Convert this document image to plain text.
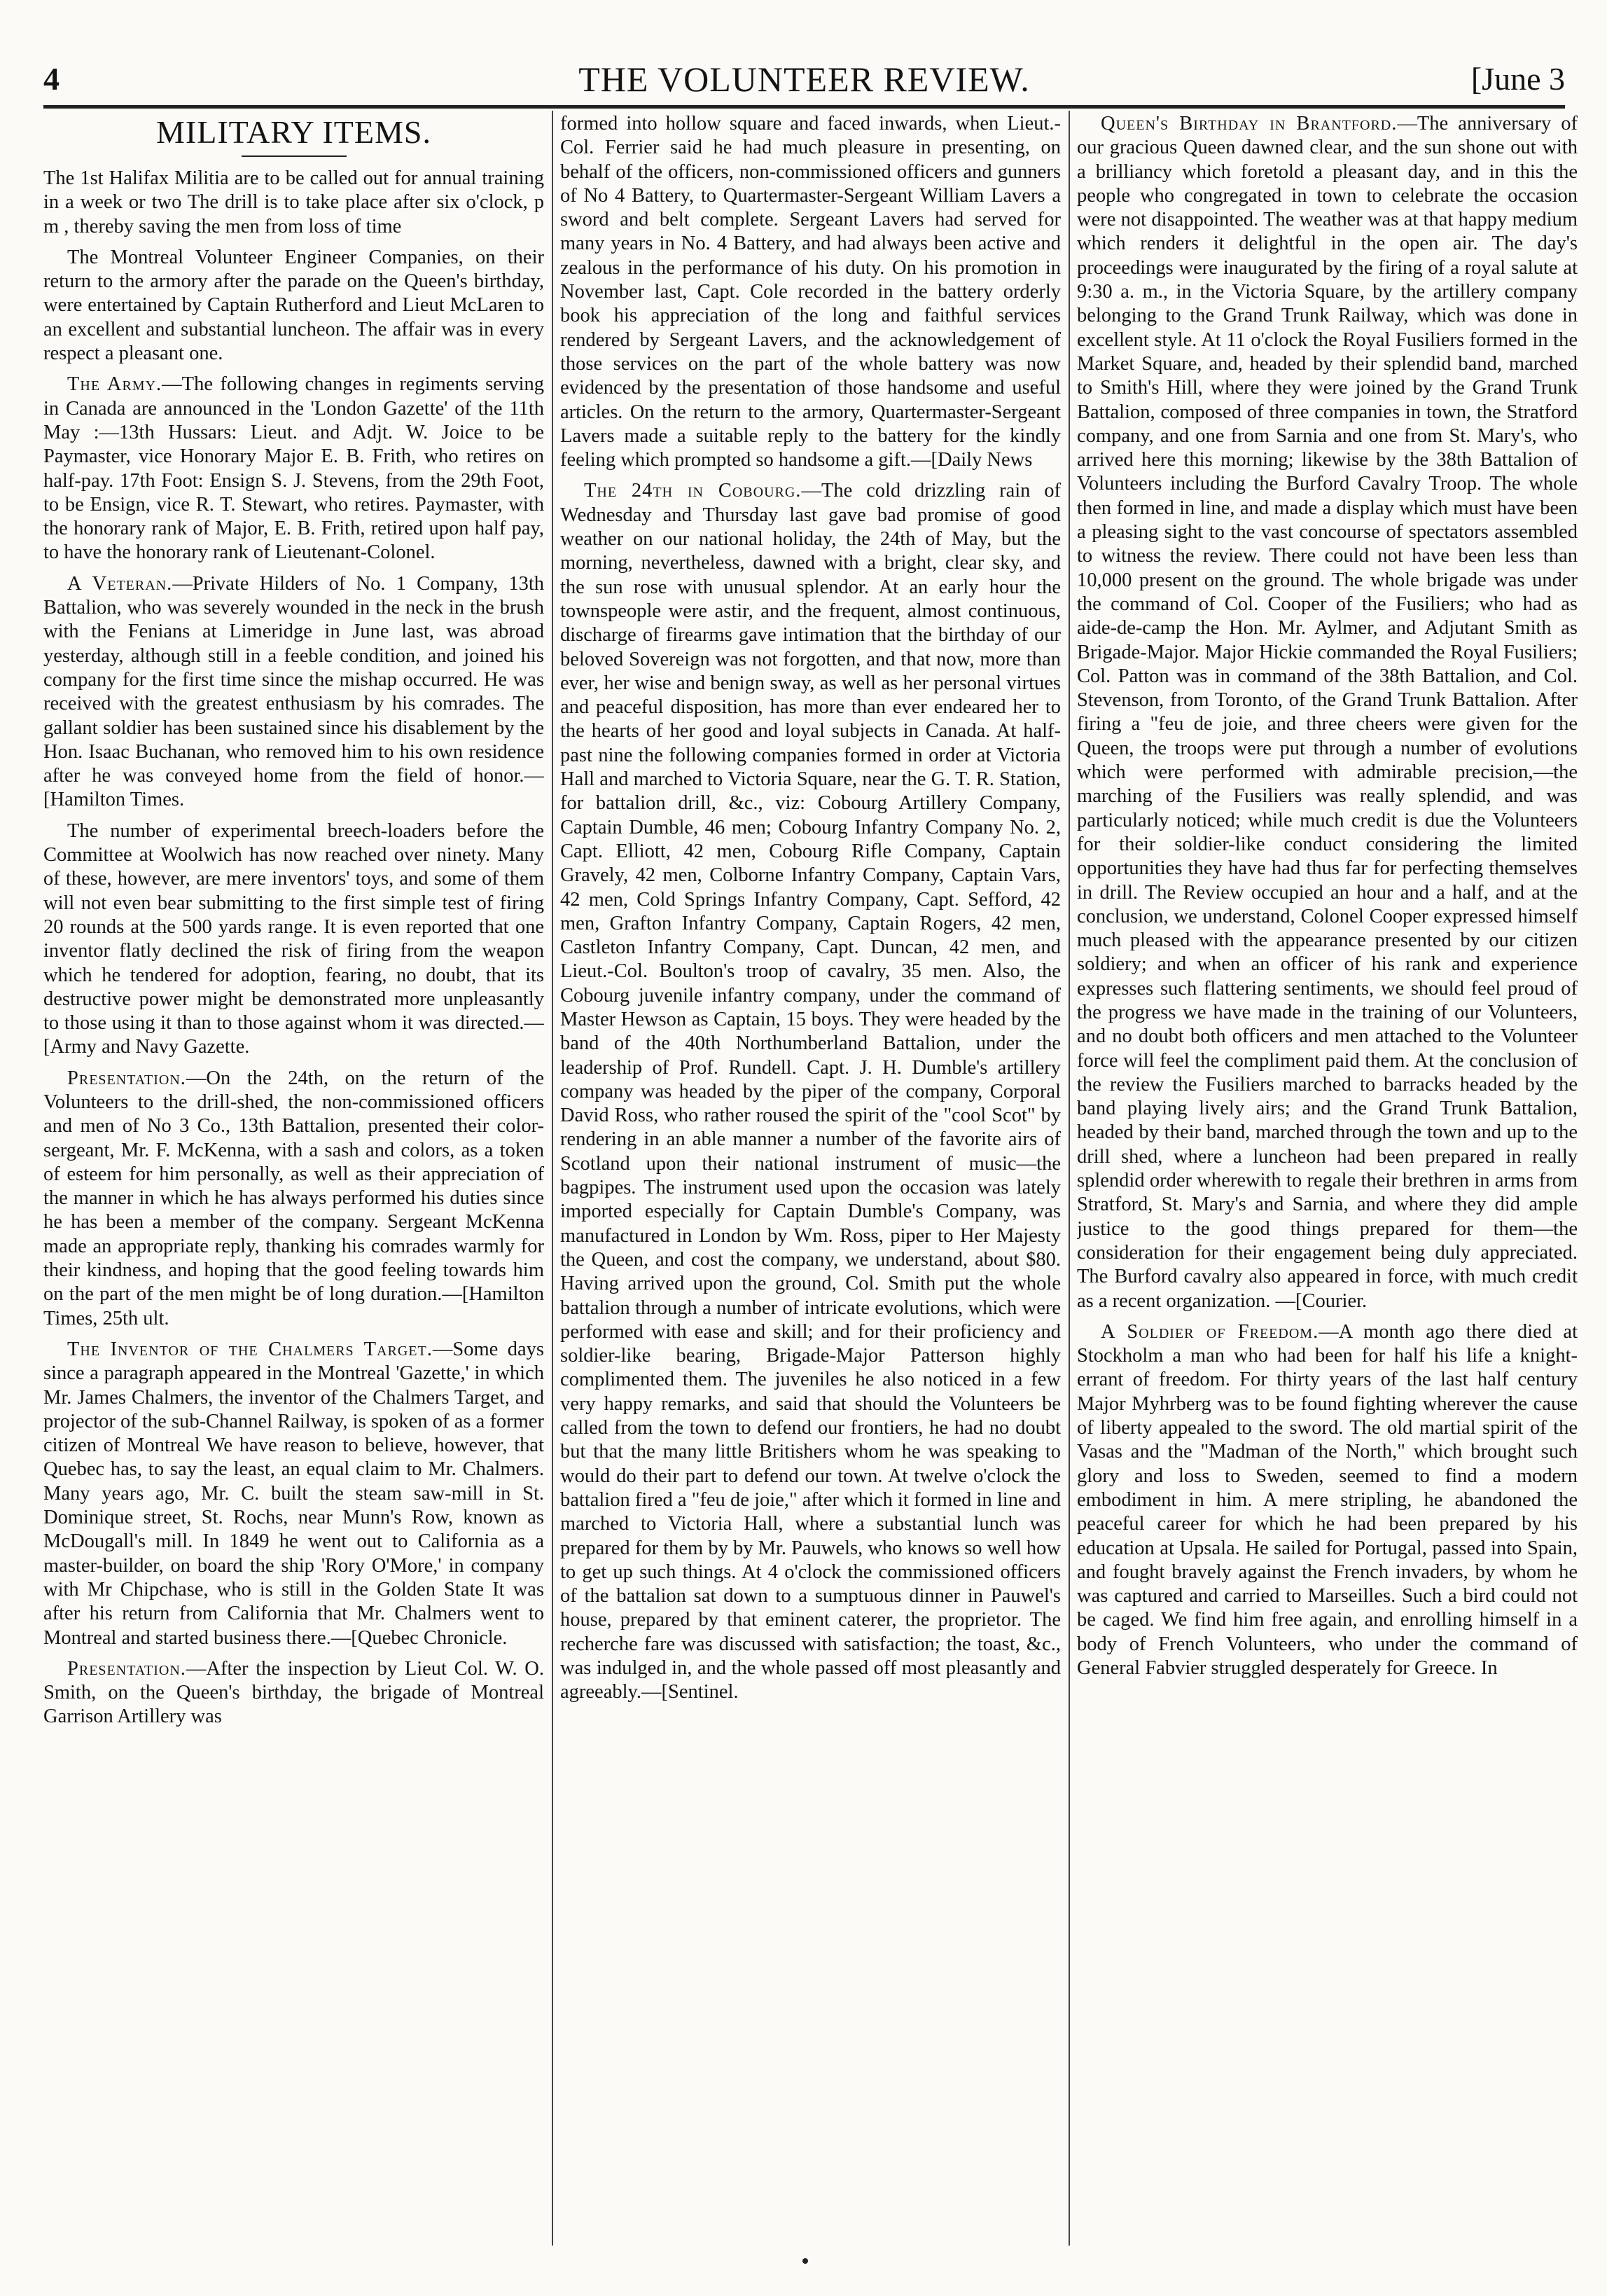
4	THE VOLUNTEER REVIEW.	[June 3
MILITARY ITEMS.

The 1st Halifax Militia are to be called out for annual training in a week or two The drill is to take place after six o'clock, p m , thereby saving the men from loss of time

The Montreal Volunteer Engineer Companies, on their return to the armory after the parade on the Queen's birthday, were entertained by Captain Rutherford and Lieut McLaren to an excellent and substantial luncheon. The affair was in every respect a pleasant one.

The Army.—The following changes in regiments serving in Canada are announced in the 'London Gazette' of the 11th May :—13th Hussars: Lieut. and Adjt. W. Joice to be Paymaster, vice Honorary Major E. B. Frith, who retires on half-pay. 17th Foot: Ensign S. J. Stevens, from the 29th Foot, to be Ensign, vice R. T. Stewart, who retires. Paymaster, with the honorary rank of Major, E. B. Frith, retired upon half pay, to have the honorary rank of Lieutenant-Colonel.

A Veteran.—Private Hilders of No. 1 Company, 13th Battalion, who was severely wounded in the neck in the brush with the Fenians at Limeridge in June last, was abroad yesterday, although still in a feeble condition, and joined his company for the first time since the mishap occurred. He was received with the greatest enthusiasm by his comrades. The gallant soldier has been sustained since his disablement by the Hon. Isaac Buchanan, who removed him to his own residence after he was conveyed home from the field of honor.—[Hamilton Times.

The number of experimental breech-loaders before the Committee at Woolwich has now reached over ninety. Many of these, however, are mere inventors' toys, and some of them will not even bear submitting to the first simple test of firing 20 rounds at the 500 yards range. It is even reported that one inventor flatly declined the risk of firing from the weapon which he tendered for adoption, fearing, no doubt, that its destructive power might be demonstrated more unpleasantly to those using it than to those against whom it was directed.—[Army and Navy Gazette.

Presentation.—On the 24th, on the return of the Volunteers to the drill-shed, the non-commissioned officers and men of No 3 Co., 13th Battalion, presented their color-sergeant, Mr. F. McKenna, with a sash and colors, as a token of esteem for him personally, as well as their appreciation of the manner in which he has always performed his duties since he has been a member of the company. Sergeant McKenna made an appropriate reply, thanking his comrades warmly for their kindness, and hoping that the good feeling towards him on the part of the men might be of long duration.—[Hamilton Times, 25th ult.

The Inventor of the Chalmers Target.—Some days since a paragraph appeared in the Montreal 'Gazette,' in which Mr. James Chalmers, the inventor of the Chalmers Target, and projector of the sub-Channel Railway, is spoken of as a former citizen of Montreal We have reason to believe, however, that Quebec has, to say the least, an equal claim to Mr. Chalmers. Many years ago, Mr. C. built the steam saw-mill in St. Dominique street, St. Rochs, near Munn's Row, known as McDougall's mill. In 1849 he went out to California as a master-builder, on board the ship 'Rory O'More,' in company with Mr Chipchase, who is still in the Golden State It was after his return from California that Mr. Chalmers went to Montreal and started business there.—[Quebec Chronicle.

Presentation.—After the inspection by Lieut Col. W. O. Smith, on the Queen's birthday, the brigade of Montreal Garrison Artillery was

formed into hollow square and faced inwards, when Lieut.-Col. Ferrier said he had much pleasure in presenting, on behalf of the officers, non-commissioned officers and gunners of No 4 Battery, to Quartermaster-Sergeant William Lavers a sword and belt complete. Sergeant Lavers had served for many years in No. 4 Battery, and had always been active and zealous in the performance of his duty. On his promotion in November last, Capt. Cole recorded in the battery orderly book his appreciation of the long and faithful services rendered by Sergeant Lavers, and the acknowledgement of those services on the part of the whole battery was now evidenced by the presentation of those handsome and useful articles. On the return to the armory, Quartermaster-Sergeant Lavers made a suitable reply to the battery for the kindly feeling which prompted so handsome a gift.—[Daily News

The 24th in Cobourg.—The cold drizzling rain of Wednesday and Thursday last gave bad promise of good weather on our national holiday, the 24th of May, but the morning, nevertheless, dawned with a bright, clear sky, and the sun rose with unusual splendor. At an early hour the townspeople were astir, and the frequent, almost continuous, discharge of firearms gave intimation that the birthday of our beloved Sovereign was not forgotten, and that now, more than ever, her wise and benign sway, as well as her personal virtues and peaceful disposition, has more than ever endeared her to the hearts of her good and loyal subjects in Canada. At half-past nine the following companies formed in order at Victoria Hall and marched to Victoria Square, near the G. T. R. Station, for battalion drill, &c., viz: Cobourg Artillery Company, Captain Dumble, 46 men; Cobourg Infantry Company No. 2, Capt. Elliott, 42 men, Cobourg Rifle Company, Captain Gravely, 42 men, Colborne Infantry Company, Captain Vars, 42 men, Cold Springs Infantry Company, Capt. Sefford, 42 men, Grafton Infantry Company, Captain Rogers, 42 men, Castleton Infantry Company, Capt. Duncan, 42 men, and Lieut.-Col. Boulton's troop of cavalry, 35 men. Also, the Cobourg juvenile infantry company, under the command of Master Hewson as Captain, 15 boys. They were headed by the band of the 40th Northumberland Battalion, under the leadership of Prof. Rundell. Capt. J. H. Dumble's artillery company was headed by the piper of the company, Corporal David Ross, who rather roused the spirit of the "cool Scot" by rendering in an able manner a number of the favorite airs of Scotland upon their national instrument of music—the bagpipes. The instrument used upon the occasion was lately imported especially for Captain Dumble's Company, was manufactured in London by Wm. Ross, piper to Her Majesty the Queen, and cost the company, we understand, about $80. Having arrived upon the ground, Col. Smith put the whole battalion through a number of intricate evolutions, which were performed with ease and skill; and for their proficiency and soldier-like bearing, Brigade-Major Patterson highly complimented them. The juveniles he also noticed in a few very happy remarks, and said that should the Volunteers be called from the town to defend our frontiers, he had no doubt but that the many little Britishers whom he was speaking to would do their part to defend our town. At twelve o'clock the battalion fired a "feu de joie," after which it formed in line and marched to Victoria Hall, where a substantial lunch was prepared for them by by Mr. Pauwels, who knows so well how to get up such things. At 4 o'clock the commissioned officers of the battalion sat down to a sumptuous dinner in Pauwel's house, prepared by that eminent caterer, the proprietor. The recherche fare was discussed with satisfaction; the toast, &c., was indulged in, and the whole passed off most pleasantly and agreeably.—[Sentinel.

Queen's Birthday in Brantford.—The anniversary of our gracious Queen dawned clear, and the sun shone out with a brilliancy which foretold a pleasant day, and in this the people who congregated in town to celebrate the occasion were not disappointed. The weather was at that happy medium which renders it delightful in the open air. The day's proceedings were inaugurated by the firing of a royal salute at 9:30 a. m., in the Victoria Square, by the artillery company belonging to the Grand Trunk Railway, which was done in excellent style. At 11 o'clock the Royal Fusiliers formed in the Market Square, and, headed by their splendid band, marched to Smith's Hill, where they were joined by the Grand Trunk Battalion, composed of three companies in town, the Stratford company, and one from Sarnia and one from St. Mary's, who arrived here this morning; likewise by the 38th Battalion of Volunteers including the Burford Cavalry Troop. The whole then formed in line, and made a display which must have been a pleasing sight to the vast concourse of spectators assembled to witness the review. There could not have been less than 10,000 present on the ground. The whole brigade was under the command of Col. Cooper of the Fusiliers; who had as aide-de-camp the Hon. Mr. Aylmer, and Adjutant Smith as Brigade-Major. Major Hickie commanded the Royal Fusiliers; Col. Patton was in command of the 38th Battalion, and Col. Stevenson, from Toronto, of the Grand Trunk Battalion. After firing a "feu de joie, and three cheers were given for the Queen, the troops were put through a number of evolutions which were performed with admirable precision,—the marching of the Fusiliers was really splendid, and was particularly noticed; while much credit is due the Volunteers for their soldier-like conduct considering the limited opportunities they have had thus far for perfecting themselves in drill. The Review occupied an hour and a half, and at the conclusion, we understand, Colonel Cooper expressed himself much pleased with the appearance presented by our citizen soldiery; and when an officer of his rank and experience expresses such flattering sentiments, we should feel proud of the progress we have made in the training of our Volunteers, and no doubt both officers and men attached to the Volunteer force will feel the compliment paid them. At the conclusion of the review the Fusiliers marched to barracks headed by the band playing lively airs; and the Grand Trunk Battalion, headed by their band, marched through the town and up to the drill shed, where a luncheon had been prepared in really splendid order wherewith to regale their brethren in arms from Stratford, St. Mary's and Sarnia, and where they did ample justice to the good things prepared for them—the consideration for their engagement being duly appreciated. The Burford cavalry also appeared in force, with much credit as a recent organization. —[Courier.

A Soldier of Freedom.—A month ago there died at Stockholm a man who had been for half his life a knight-errant of freedom. For thirty years of the last half century Major Myhrberg was to be found fighting wherever the cause of liberty appealed to the sword. The old martial spirit of the Vasas and the "Madman of the North," which brought such glory and loss to Sweden, seemed to find a modern embodiment in him. A mere stripling, he abandoned the peaceful career for which he had been prepared by his education at Upsala. He sailed for Portugal, passed into Spain, and fought bravely against the French invaders, by whom he was captured and carried to Marseilles. Such a bird could not be caged. We find him free again, and enrolling himself in a body of French Volunteers, who under the command of General Fabvier struggled desperately for Greece. In
